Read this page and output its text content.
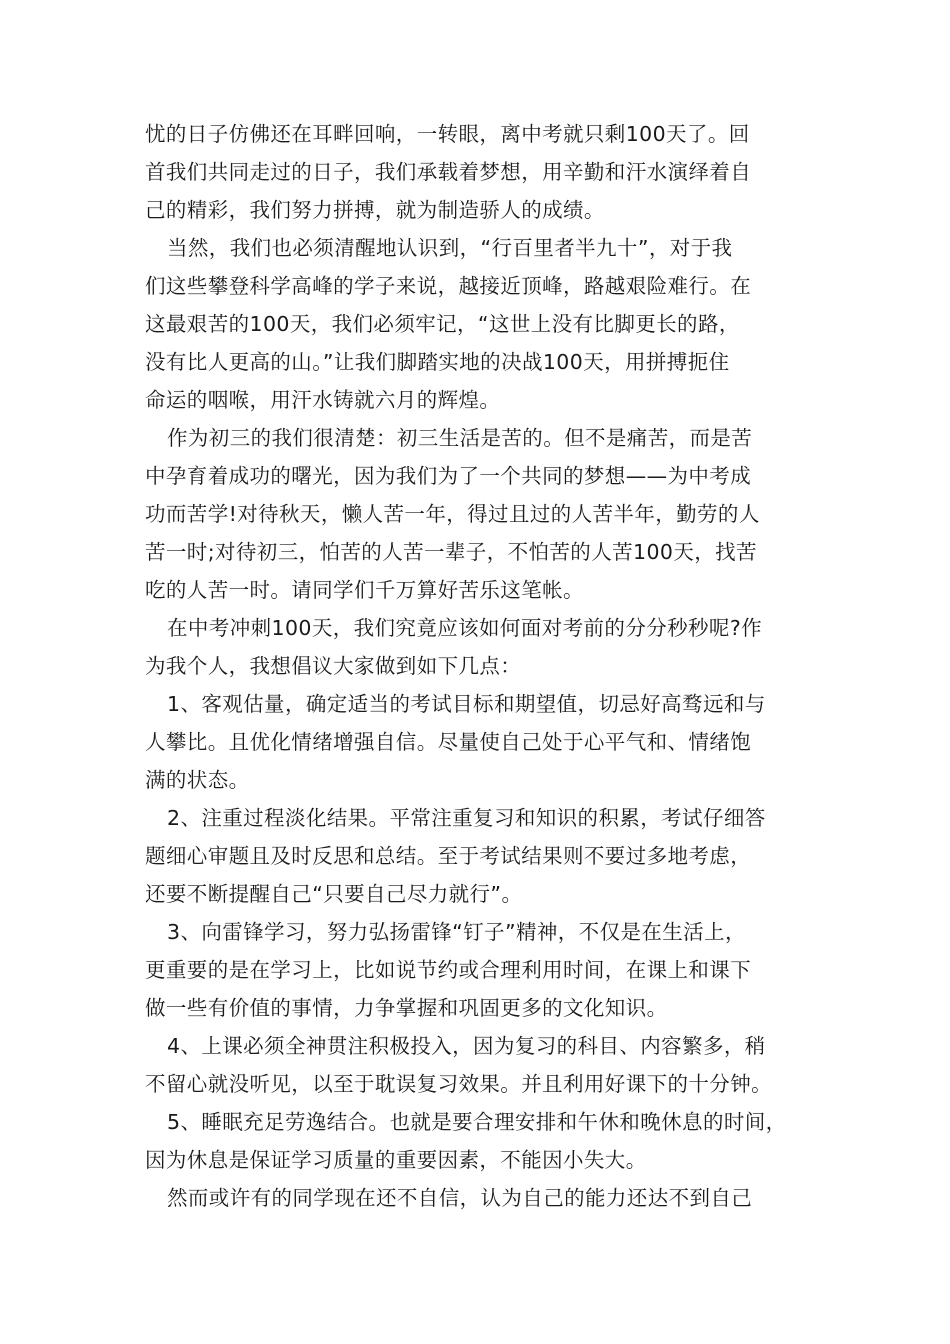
忧的日子仿佛还在耳畔回响，一转眼，离中考就只剩100天了。回
首我们共同走过的日子，我们承载着梦想，用辛勤和汗水演绎着自
己的精彩，我们努力拼搏，就为制造骄人的成绩。
当然，我们也必须清醒地认识到，“行百里者半九十”，对于我
们这些攀登科学高峰的学子来说，越接近顶峰，路越艰险难行。在
这最艰苦的100天，我们必须牢记，“这世上没有比脚更长的路，
没有比人更高的山。”让我们脚踏实地的决战100天，用拼搏扼住
命运的咽喉，用汗水铸就六月的辉煌。
作为初三的我们很清楚：初三生活是苦的。但不是痛苦，而是苦
中孕育着成功的曙光，因为我们为了一个共同的梦想——为中考成
功而苦学!对待秋天，懒人苦一年，得过且过的人苦半年，勤劳的人
苦一时;对待初三，怕苦的人苦一辈子，不怕苦的人苦100天，找苦
吃的人苦一时。请同学们千万算好苦乐这笔帐。
在中考冲刺100天，我们究竟应该如何面对考前的分分秒秒呢?作
为我个人，我想倡议大家做到如下几点：
1、客观估量，确定适当的考试目标和期望值，切忌好高骛远和与
人攀比。且优化情绪增强自信。尽量使自己处于心平气和、情绪饱
满的状态。
2、注重过程淡化结果。平常注重复习和知识的积累，考试仔细答
题细心审题且及时反思和总结。至于考试结果则不要过多地考虑，
还要不断提醒自己“只要自己尽力就行”。
3、向雷锋学习，努力弘扬雷锋“钉子”精神，不仅是在生活上，
更重要的是在学习上，比如说节约或合理利用时间，在课上和课下
做一些有价值的事情，力争掌握和巩固更多的文化知识。
4、上课必须全神贯注积极投入，因为复习的科目、内容繁多，稍
不留心就没听见，以至于耽误复习效果。并且利用好课下的十分钟。
5、睡眠充足劳逸结合。也就是要合理安排和午休和晚休息的时间，
因为休息是保证学习质量的重要因素，不能因小失大。
然而或许有的同学现在还不自信，认为自己的能力还达不到自己
